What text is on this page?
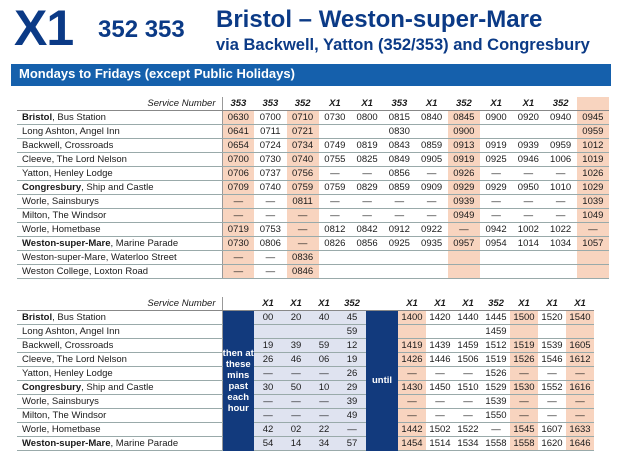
X1 352 353 Bristol – Weston-super-Mare
via Backwell, Yatton (352/353) and Congresbury
Mondays to Fridays (except Public Holidays)
Service Number	353	353	352	X1	X1	353	X1	352	X1	X1	352	
Bristol, Bus Station	0630	0700	0710	0730	0800	0815	0840	0845	0900	0920	0940	0945
Long Ashton, Angel Inn	0641	0711	0721			0830		0900				0959
Backwell, Crossroads	0654	0724	0734	0749	0819	0843	0859	0913	0919	0939	0959	1012
Cleeve, The Lord Nelson	0700	0730	0740	0755	0825	0849	0905	0919	0925	0946	1006	1019
Yatton, Henley Lodge	0706	0737	0756	—	—	0856	—	0926	—	—	—	1026
Congresbury, Ship and Castle	0709	0740	0759	0759	0829	0859	0909	0929	0929	0950	1010	1029
Worle, Sainsburys	—	—	0811	—	—	—	—	0939	—	—	—	1039
Milton, The Windsor	—	—	—	—	—	—	—	0949	—	—	—	1049
Worle, Hometbase	0719	0753	—	0812	0842	0912	0922	—	0942	1002	1022	—
Weston-super-Mare, Marine Parade	0730	0806	—	0826	0856	0925	0935	0957	0954	1014	1034	1057
Weston-super-Mare, Waterloo Street	—	—	0836									
Weston College, Loxton Road	—	—	0846									
Service Number		X1	X1	X1	352		X1	X1	X1	352	X1	X1	X1
Bristol, Bus Station	then at these mins past each hour	00	20	40	45	until	1400	1420	1440	1445	1500	1520	1540
Long Ashton, Angel Inn					59					1459			
Backwell, Crossroads		19	39	59	12		1419	1439	1459	1512	1519	1539	1605
Cleeve, The Lord Nelson		26	46	06	19		1426	1446	1506	1519	1526	1546	1612
Yatton, Henley Lodge		—	—	—	26		—	—	—	1526	—	—	—
Congresbury, Ship and Castle		30	50	10	29		1430	1450	1510	1529	1530	1552	1616
Worle, Sainsburys		—	—	—	39		—	—	—	1539	—	—	—
Milton, The Windsor		—	—	—	49		—	—	—	1550	—	—	—
Worle, Hometbase		42	02	22	—		1442	1502	1522	—	1545	1607	1633
Weston-super-Mare, Marine Parade		54	14	34	57		1454	1514	1534	1558	1558	1620	1646
